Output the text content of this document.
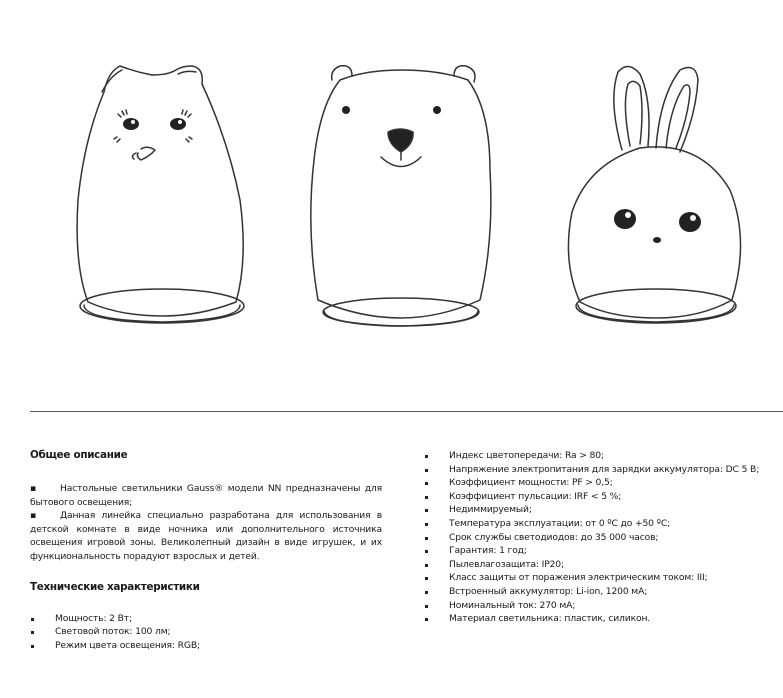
Общее описание

▪	Настольные светильники Gauss® модели NN предназначены для бытового освещения;

▪	Данная линейка специально разработана для использования в детской комнате в виде ночника или дополнительного источника освещения игровой зоны. Великолепный дизайн в виде игрушек, и их функциональность порадуют взрослых и детей.

Технические характеристики
Мощность: 2 Вт;
Световой поток: 100 лм;
Режим цвета освещения: RGB;
Индекс цветопередачи: Ra > 80;
Напряжение электропитания для зарядки аккумулятора: DC 5 В;
Коэффициент мощности: PF > 0,5;
Коэффициент пульсации: IRF < 5 %;
Недиммируемый;
Температура эксплуатации: от 0 ºС до +50 ºС;
Срок службы светодиодов: до 35 000 часов;
Гарантия: 1 год;
Пылевлагозащита: IP20;
Класс защиты от поражения электрическим током: III;
Встроенный аккумулятор: Li-ion, 1200 мА;
Номинальный ток: 270 мА;
Материал светильника: пластик, силикон.
